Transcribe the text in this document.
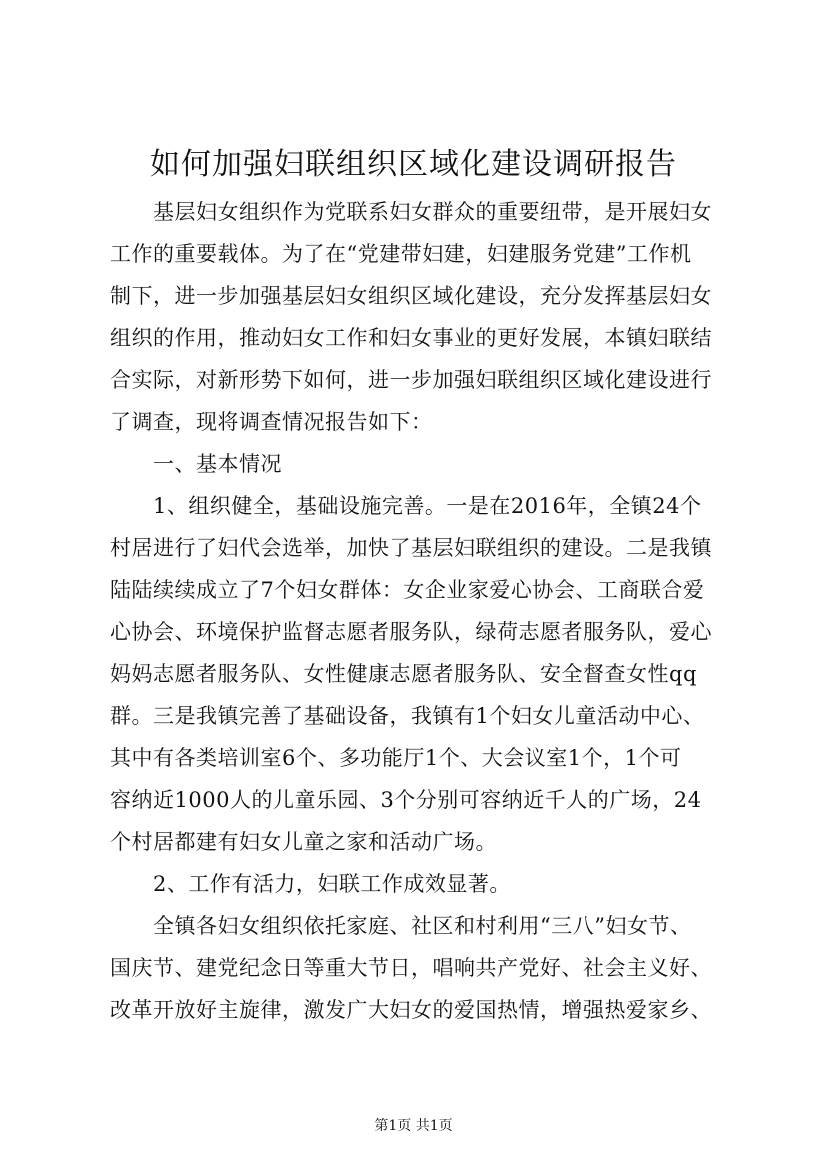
如何加强妇联组织区域化建设调研报告
　　基层妇女组织作为党联系妇女群众的重要纽带，是开展妇女
工作的重要载体。为了在“党建带妇建，妇建服务党建”工作机
制下，进一步加强基层妇女组织区域化建设，充分发挥基层妇女
组织的作用，推动妇女工作和妇女事业的更好发展，本镇妇联结
合实际，对新形势下如何，进一步加强妇联组织区域化建设进行
了调查，现将调查情况报告如下：
　　一、基本情况
　　1、组织健全，基础设施完善。一是在2016年，全镇24个
村居进行了妇代会选举，加快了基层妇联组织的建设。二是我镇
陆陆续续成立了7个妇女群体：女企业家爱心协会、工商联合爱
心协会、环境保护监督志愿者服务队，绿荷志愿者服务队，爱心
妈妈志愿者服务队、女性健康志愿者服务队、安全督查女性qq
群。三是我镇完善了基础设备，我镇有1个妇女儿童活动中心、
其中有各类培训室6个、多功能厅1个、大会议室1个，1个可
容纳近1000人的儿童乐园、3个分别可容纳近千人的广场，24
个村居都建有妇女儿童之家和活动广场。
　　2、工作有活力，妇联工作成效显著。
　　全镇各妇女组织依托家庭、社区和村利用“三八”妇女节、
国庆节、建党纪念日等重大节日，唱响共产党好、社会主义好、
改革开放好主旋律，激发广大妇女的爱国热情，增强热爱家乡、
第1页 共1页
